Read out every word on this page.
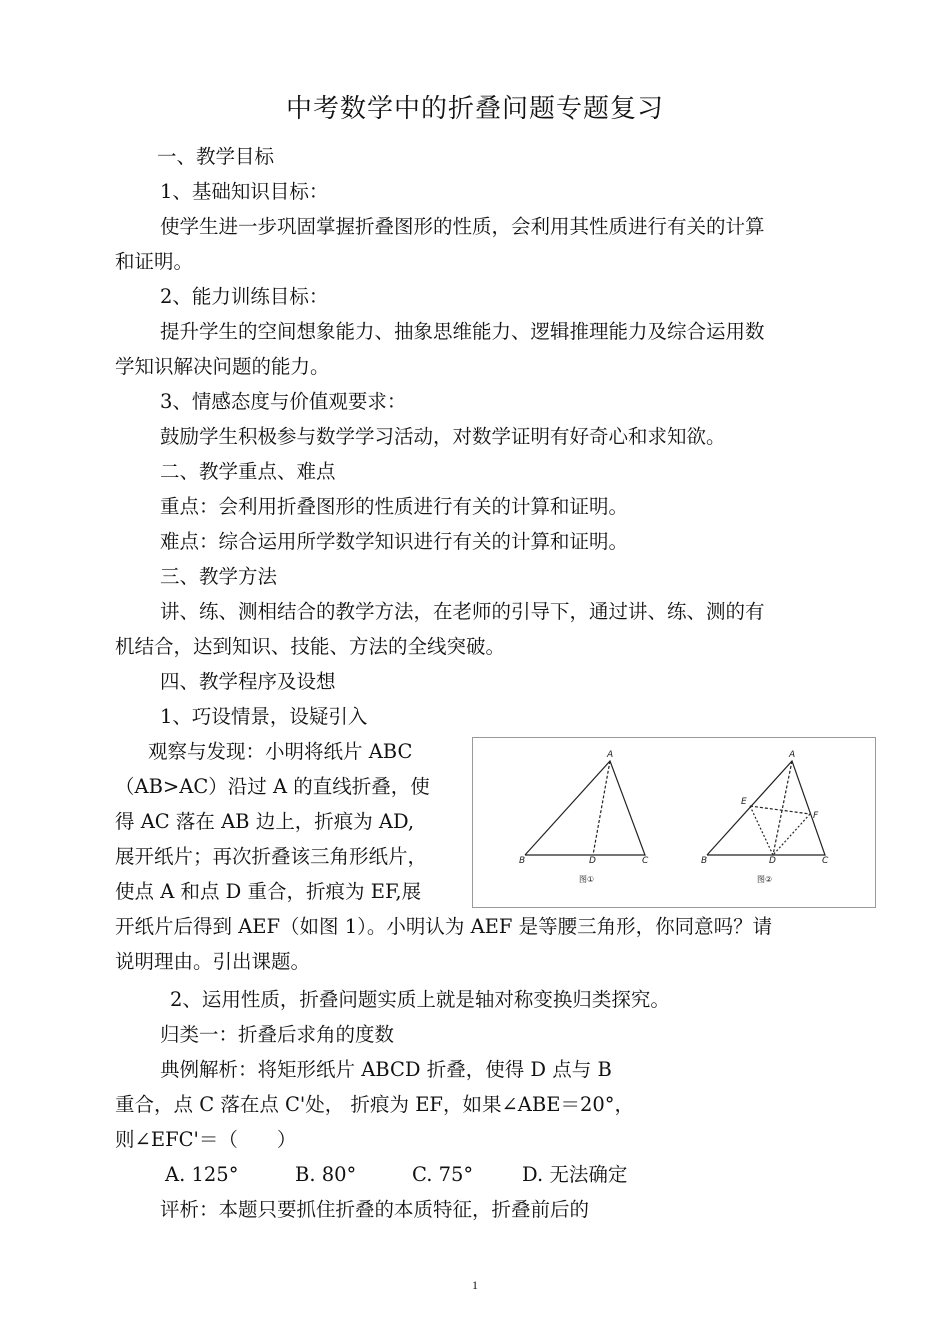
中考数学中的折叠问题专题复习
一、教学目标
1、基础知识目标：
使学生进一步巩固掌握折叠图形的性质，会利用其性质进行有关的计算
和证明。
2、能力训练目标：
提升学生的空间想象能力、抽象思维能力、逻辑推理能力及综合运用数
学知识解决问题的能力。
3、情感态度与价值观要求：
鼓励学生积极参与数学学习活动，对数学证明有好奇心和求知欲。
二、教学重点、难点
重点：会利用折叠图形的性质进行有关的计算和证明。
难点：综合运用所学数学知识进行有关的计算和证明。
三、教学方法
讲、练、测相结合的教学方法，在老师的引导下，通过讲、练、测的有
机结合，达到知识、技能、方法的全线突破。
四、教学程序及设想
1、巧设情景，设疑引入
观察与发现：小明将纸片 ABC
（AB>AC）沿过 A 的直线折叠，使
得 AC 落在 AB 边上，折痕为 AD,
展开纸片；再次折叠该三角形纸片，
使点 A 和点 D 重合，折痕为 EF,展
开纸片后得到 AEF（如图 1）。小明认为 AEF 是等腰三角形，你同意吗？请
说明理由。引出课题。
2、运用性质，折叠问题实质上就是轴对称变换归类探究。
归类一：折叠后求角的度数
典例解析：将矩形纸片 ABCD 折叠，使得 D 点与 B
重合，点 C 落在点 C'处， 折痕为 EF，如果∠ABE＝20°，
则∠EFC'＝（　　）
A. 125°	B. 80°	C. 75°	D. 无法确定
评析：本题只要抓住折叠的本质特征，折叠前后的
A
B	D	C
图①
A
E
F
B	D	C
图②
1
